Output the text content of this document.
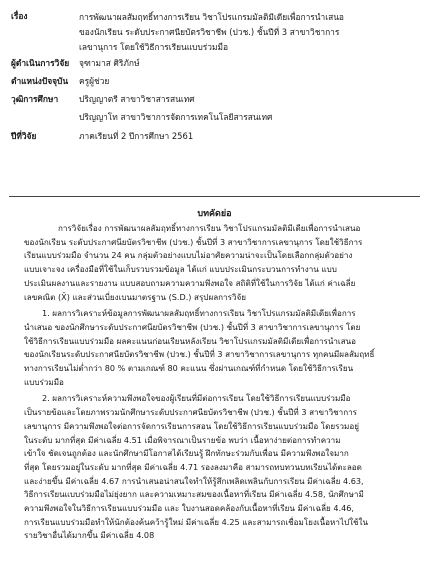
เรื่อง	การพัฒนาผลสัมฤทธิ์ทางการเรียน วิชาโปรแกรมมัลติมีเดียเพื่อการนำเสนอ
ของนักเรียน ระดับประกาศนียบัตรวิชาชีพ (ปวช.) ชั้นปีที่ 3 สาขาวิชาการ
เลขานุการ โดยใช้วิธีการเรียนแบบร่วมมือ
ผู้ดำเนินการวิจัย	จุฑามาส ศิริภักษ์
ตำแหน่งปัจจุบัน	ครูผู้ช่วย
วุฒิการศึกษา	ปริญญาตรี สาขาวิชาสารสนเทศ
ปริญญาโท สาขาวิชาการจัดการเทคโนโลยีสารสนเทศ
ปีที่วิจัย	ภาคเรียนที่ 2 ปีการศึกษา 2561
บทคัดย่อ
การวิจัยเรื่อง การพัฒนาผลสัมฤทธิ์ทางการเรียน วิชาโปรแกรมมัลติมีเดียเพื่อการนำเสนอ
ของนักเรียน ระดับประกาศนียบัตรวิชาชีพ (ปวช.) ชั้นปีที่ 3 สาขาวิชาการเลขานุการ โดยใช้วิธีการ
เรียนแบบร่วมมือ จำนวน 24 คน กลุ่มตัวอย่างแบบไม่อาศัยความน่าจะเป็นโดยเลือกกลุ่มตัวอย่าง
แบบเจาะจง เครื่องมือที่ใช้ในเก็บรวบรวมข้อมูล ได้แก่ แบบประเมินกระบวนการทำงาน แบบ
ประเมินผลงานและรายงาน แบบสอบถามความความพึงพอใจ สถิติที่ใช้ในการวิจัย ได้แก่ ค่าเฉลี่ย
เลขคณิต (X̄) และส่วนเบี่ยงเบนมาตรฐาน (S.D.) สรุปผลการวิจัย
1. ผลการวิเคราะห์ข้อมูลการพัฒนาผลสัมฤทธิ์ทางการเรียน วิชาโปรแกรมมัลติมีเดียเพื่อการ
นำเสนอ ของนักศึกษาระดับประกาศนียบัตรวิชาชีพ (ปวช.) ชั้นปีที่ 3 สาขาวิชาการเลขานุการ โดย
ใช้วิธีการเรียนแบบร่วมมือ ผลคะแนนก่อนเรียนหลังเรียน วิชาโปรแกรมมัลติมีเดียเพื่อการนำเสนอ
ของนักเรียนระดับประกาศนียบัตรวิชาชีพ (ปวช.) ชั้นปีที่ 3 สาขาวิชาการเลขานุการ ทุกคนมีผลสัมฤทธิ์
ทางการเรียนไม่ต่ำกว่า 80 % ตามเกณฑ์ 80 คะแนน ซึ่งผ่านเกณฑ์ที่กำหนด โดยใช้วิธีการเรียน
แบบร่วมมือ
2. ผลการวิเคราะห์ความพึงพอใจของผู้เรียนที่มีต่อการเรียน โดยใช้วิธีการเรียนแบบร่วมมือ
เป็นรายข้อและโดยภาพรวมนักศึกษาระดับประกาศนียบัตรวิชาชีพ (ปวช.) ชั้นปีที่ 3 สาขาวิชาการ
เลขานุการ มีความพึงพอใจต่อการจัดการเรียนการสอน โดยใช้วิธีการเรียนแบบร่วมมือ โดยรวมอยู่
ในระดับ มากที่สุด มีค่าเฉลี่ย 4.51 เมื่อพิจารณาเป็นรายข้อ พบว่า เนื้อหาง่ายต่อการทำความ
เข้าใจ ชัดเจนถูกต้อง และนักศึกษามีโอกาสได้เรียนรู้ ฝึกทักษะร่วมกับเพื่อน มีความพึงพอใจมาก
ที่สุด โดยรวมอยู่ในระดับ มากที่สุด มีค่าเฉลี่ย 4.71 รองลงมาคือ สามารถทบทวนบทเรียนได้ตะลอด
และง่ายขึ้น มีค่าเฉลี่ย 4.67 การนำเสนอน่าสนใจทำให้รู้สึกเพลิดเพลินกับการเรียน มีค่าเฉลี่ย 4.63,
วิธีการเรียนแบบร่วมมือไม่ยุ่งยาก และความเหมาะสมของเนื้อหาที่เรียน มีค่าเฉลี่ย 4.58, นักศึกษามี
ความพึงพอใจในวิธีการเรียนแบบร่วมมือ และ ใบงานสอดคล้องกับเนื้อหาที่เรียน มีค่าเฉลี่ย 4.46,
การเรียนแบบร่วมมือทำให้นักต้องค้นคว้ารู้ใหม่ มีค่าเฉลี่ย 4.25 และสามารถเชื่อมโยงเนื้อหาไปใช้ใน
รายวิชาอื่นได้มากขึ้น มีค่าเฉลี่ย 4.08
